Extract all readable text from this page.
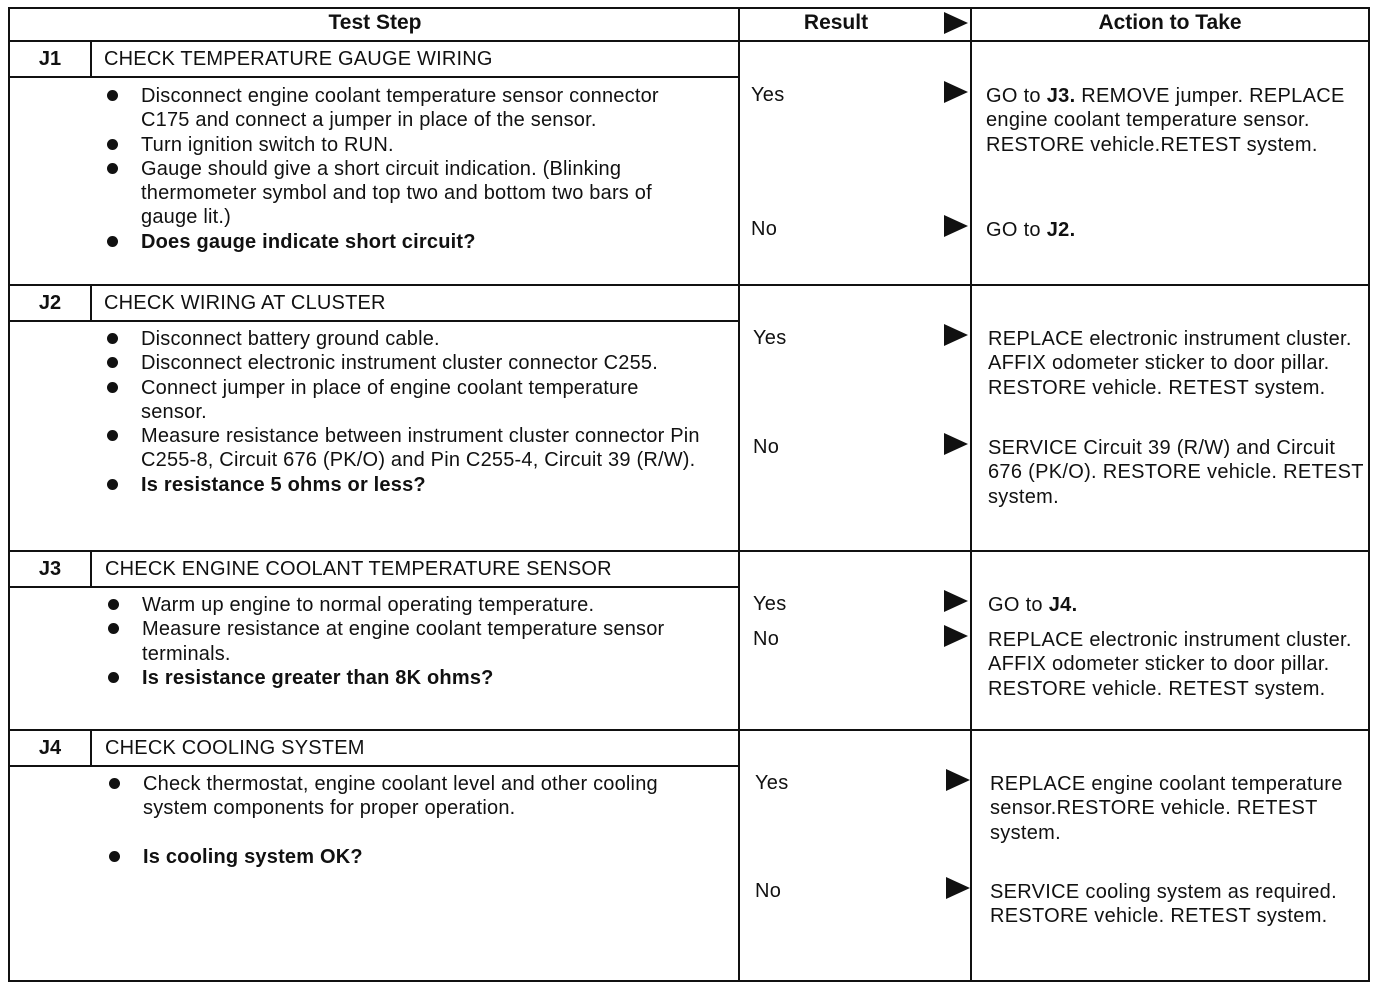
Test Step	Result	Action to Take
J1	CHECK TEMPERATURE GAUGE WIRING
Disconnect engine coolant temperature sensor connector C175 and connect a jumper in place of the sensor.
Turn ignition switch to RUN.
Gauge should give a short circuit indication. (Blinking thermometer symbol and top two and bottom two bars of gauge lit.)
Does gauge indicate short circuit?
Yes	GO to J3. REMOVE jumper. REPLACE engine coolant temperature sensor. RESTORE vehicle.RETEST system.
No	GO to J2.
J2	CHECK WIRING AT CLUSTER
Disconnect battery ground cable.
Disconnect electronic instrument cluster connector C255.
Connect jumper in place of engine coolant temperature sensor.
Measure resistance between instrument cluster connector Pin C255-8, Circuit 676 (PK/O) and Pin C255-4, Circuit 39 (R/W).
Is resistance 5 ohms or less?
Yes	REPLACE electronic instrument cluster. AFFIX odometer sticker to door pillar. RESTORE vehicle. RETEST system.
No	SERVICE Circuit 39 (R/W) and Circuit 676 (PK/O). RESTORE vehicle. RETEST system.
J3	CHECK ENGINE COOLANT TEMPERATURE SENSOR
Warm up engine to normal operating temperature.
Measure resistance at engine coolant temperature sensor terminals.
Is resistance greater than 8K ohms?
Yes	GO to J4.
No	REPLACE electronic instrument cluster. AFFIX odometer sticker to door pillar. RESTORE vehicle. RETEST system.
J4	CHECK COOLING SYSTEM
Check thermostat, engine coolant level and other cooling system components for proper operation.
Is cooling system OK?
Yes	REPLACE engine coolant temperature sensor.RESTORE vehicle. RETEST system.
No	SERVICE cooling system as required. RESTORE vehicle. RETEST system.
